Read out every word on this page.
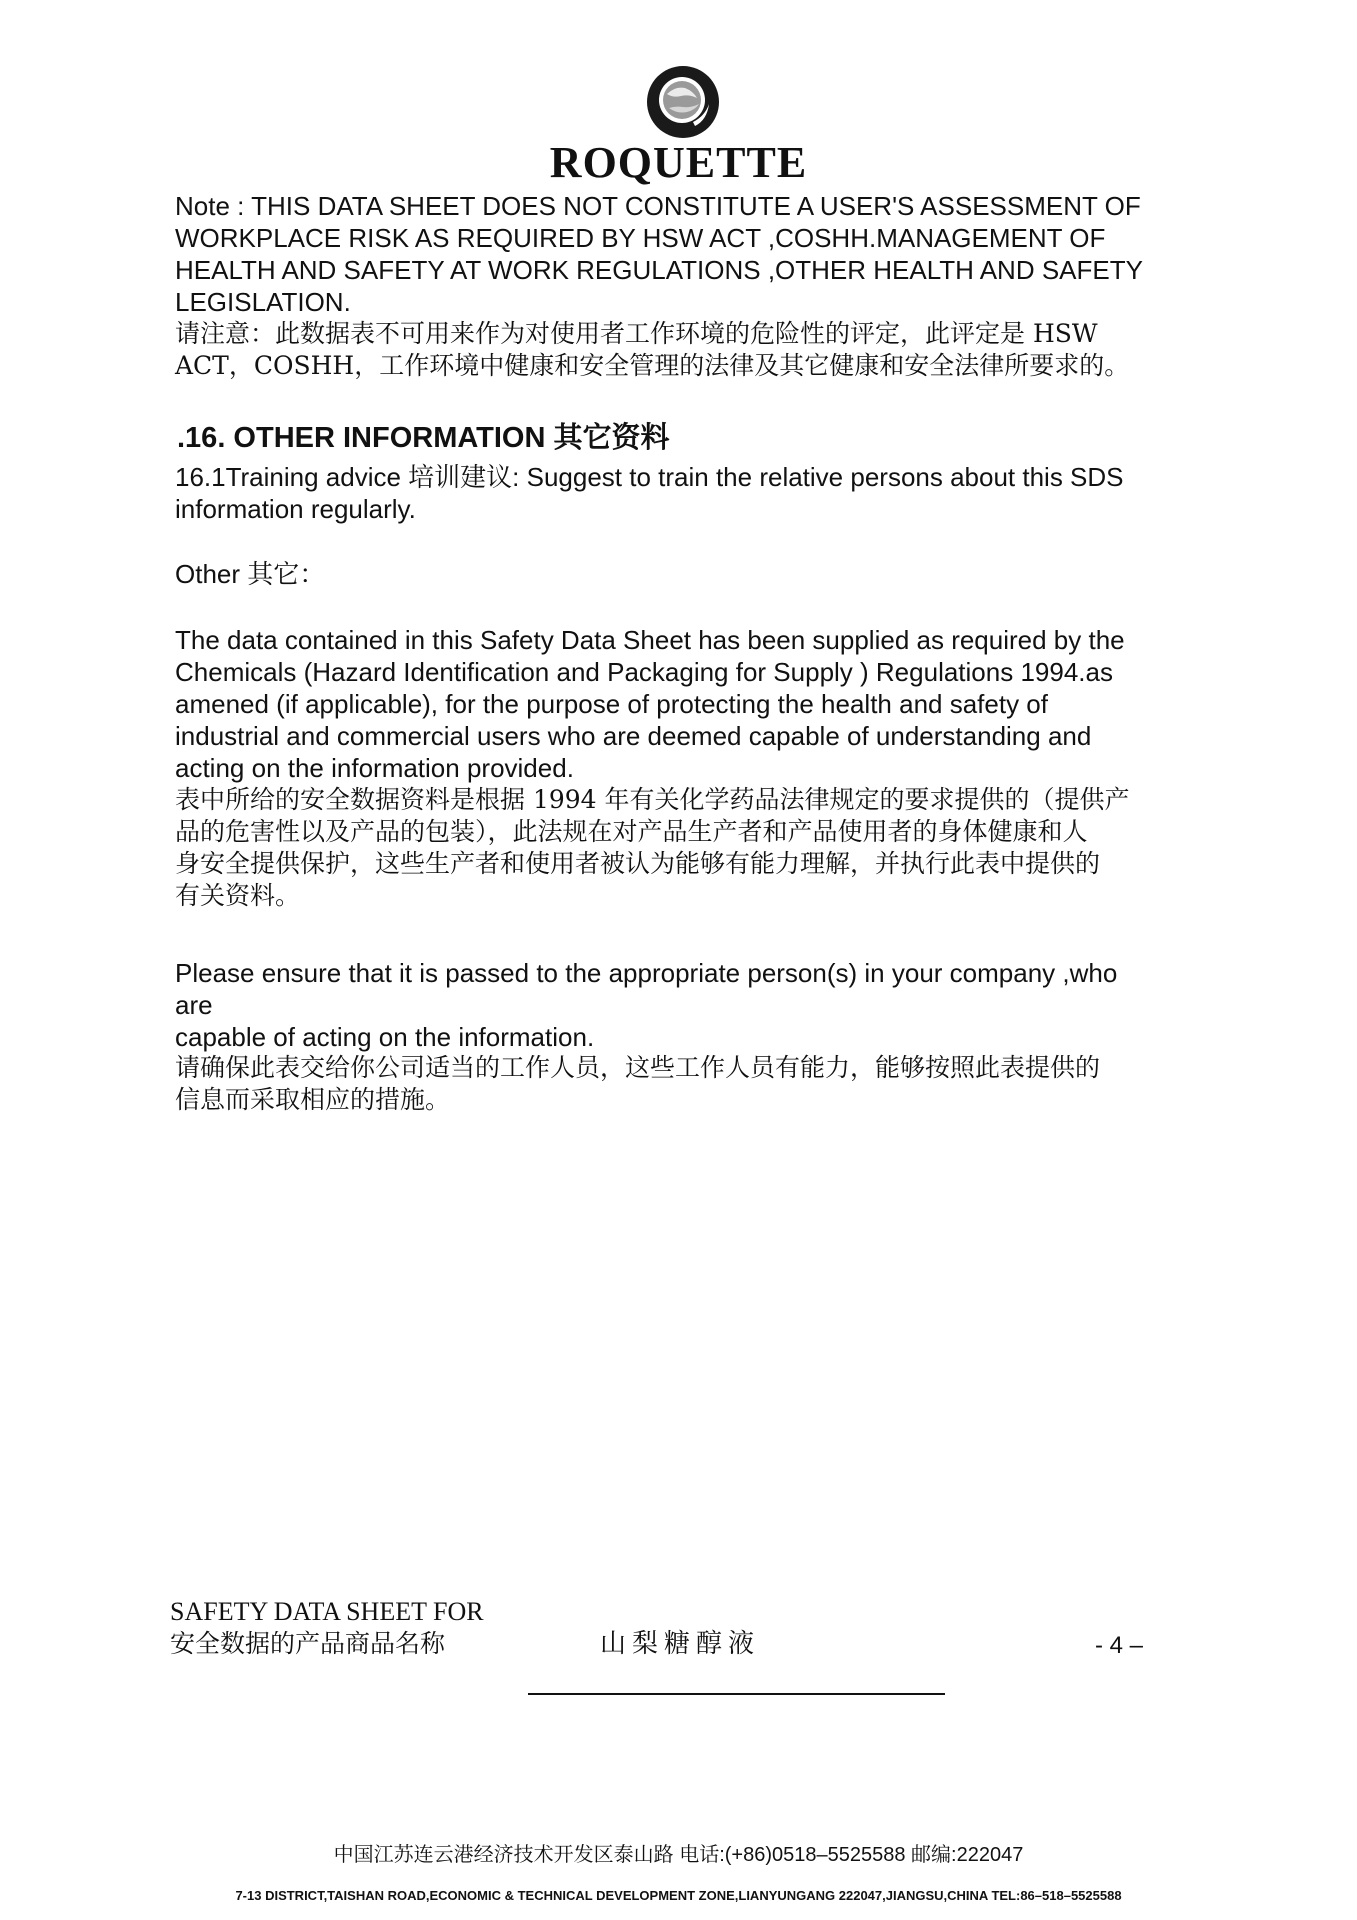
ROQUETTE
Note : THIS DATA SHEET DOES NOT CONSTITUTE A USER'S ASSESSMENT OF
WORKPLACE RISK AS REQUIRED BY HSW ACT ,COSHH.MANAGEMENT OF
HEALTH AND SAFETY AT WORK REGULATIONS ,OTHER HEALTH AND SAFETY
LEGISLATION.
请注意：此数据表不可用来作为对使用者工作环境的危险性的评定，此评定是 HSW
ACT，COSHH，工作环境中健康和安全管理的法律及其它健康和安全法律所要求的。
.16. OTHER INFORMATION 其它资料
16.1Training advice 培训建议: Suggest to train the relative persons about this SDS
information regularly.
Other 其它：
The data contained in this Safety Data Sheet has been supplied as required by the
Chemicals (Hazard Identification and Packaging for Supply ) Regulations 1994.as
amened (if applicable), for the purpose of protecting the health and safety of
industrial and commercial users who are deemed capable of understanding and
acting on the information provided.
表中所给的安全数据资料是根据 1994 年有关化学药品法律规定的要求提供的（提供产
品的危害性以及产品的包装），此法规在对产品生产者和产品使用者的身体健康和人
身安全提供保护，这些生产者和使用者被认为能够有能力理解，并执行此表中提供的
有关资料。
Please ensure that it is passed to the appropriate person(s) in your company ,who
are
capable of acting on the information.
请确保此表交给你公司适当的工作人员，这些工作人员有能力，能够按照此表提供的
信息而采取相应的措施。
SAFETY DATA SHEET FOR
安全数据的产品商品名称	山梨糖醇液	- 4 –
中国江苏连云港经济技术开发区泰山路 电话:(+86)0518–5525588 邮编:222047
7-13 DISTRICT,TAISHAN ROAD,ECONOMIC & TECHNICAL DEVELOPMENT ZONE,LIANYUNGANG 222047,JIANGSU,CHINA TEL:86–518–5525588
